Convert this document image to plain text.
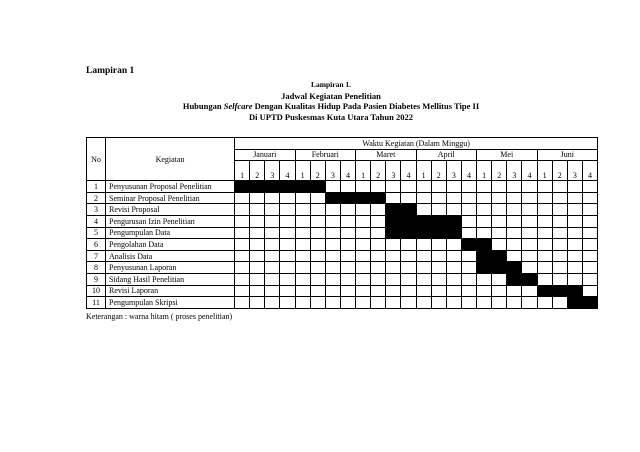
Lampiran 1
Lampiran 1.
Jadwal Kegiatan Penelitian
Hubungan Selfcare Dengan Kualitas Hidup Pada Pasien Diabetes Mellitus Tipe II
Di UPTD Puskesmas Kuta Utara Tahun 2022
No	Kegiatan	Waktu Kegiatan (Dalam Minggu)																							
		Januari				Februari				Maret				April				Mei				Juni			
		1	2	3	4	1	2	3	4	1	2	3	4	1	2	3	4	1	2	3	4	1	2	3	4
1	Penyusunan Proposal Penelitian																								
2	Seminar Proposal Penelitian																								
3	Revisi Proposal																								
4	Pengurusan Izin Penelitian																								
5	Pengumpulan Data																								
6	Pengolahan Data																								
7	Analisis Data																								
8	Penyusunan Laporan																								
9	Sidang Hasil Penelitian																								
10	Revisi Laporan																								
11	Pengumpulan Skripsi																								
Keterangan : warna hitam ( proses penelitian)
